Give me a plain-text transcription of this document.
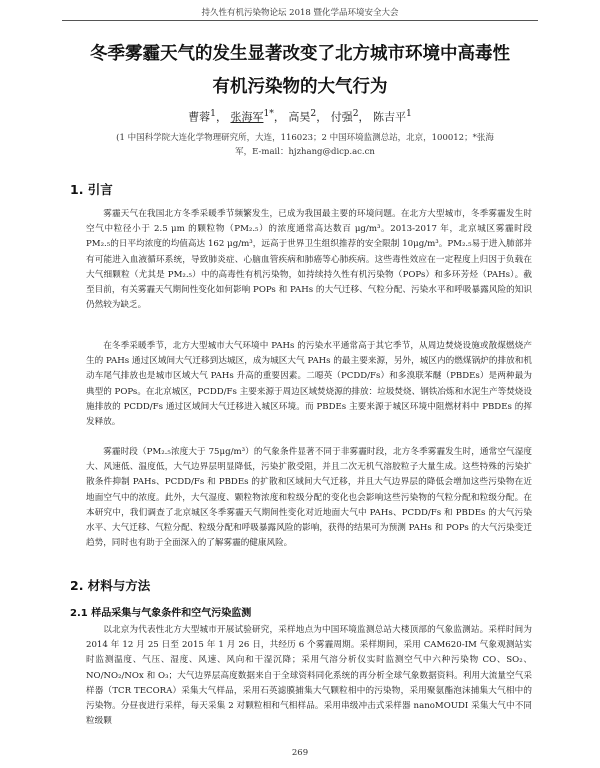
持久性有机污染物论坛 2018 暨化学品环境安全大会
冬季雾霾天气的发生显著改变了北方城市环境中高毒性
有机污染物的大气行为
曹蓉$^1$， 张海军$^{1*}$， 高昊$^2$， 付强$^2$， 陈吉平$^1$
(1 中国科学院大连化学物理研究所，大连，116023；2 中国环境监测总站，北京，100012；*张海
军，E-mail：hjzhang@dicp.ac.cn
1. 引言

雾霾天气在我国北方冬季采暖季节频繁发生，已成为我国最主要的环境问题。在北方大型城市，冬季雾霾发生时空气中粒径小于 2.5 μm 的颗粒物（PM₂.₅）的浓度通常高达数百 μg/m³。2013-2017 年，北京城区雾霾时段 PM₂.₅的日平均浓度的均值高达 162 μg/m³，远高于世界卫生组织推荐的安全限制 10μg/m³。PM₂.₅易于进入肺部并有可能进入血液循环系统，导致肺炎症、心脑血管疾病和肺癌等心肺疾病。这些毒性效应在一定程度上归因于负载在大气细颗粒（尤其是 PM₂.₅）中的高毒性有机污染物，如持续持久性有机污染物（POPs）和多环芳烃（PAHs）。截至目前，有关雾霾天气期间性变化如何影响 POPs 和 PAHs 的大气迁移、气粒分配、污染水平和呼吸暴露风险的知识仍然较为缺乏。

在冬季采暖季节，北方大型城市大气环境中 PAHs 的污染水平通常高于其它季节，从周边焚烧设施或散煤燃烧产生的 PAHs 通过区域间大气迁移到达城区，成为城区大气 PAHs 的最主要来源，另外，城区内的燃煤锅炉的排放和机动车尾气排放也是城市区域大气 PAHs 升高的重要因素。二噁英（PCDD/Fs）和多溴联苯醚（PBDEs）是两种最为典型的 POPs。在北京城区，PCDD/Fs 主要来源于周边区域焚烧源的排放：垃圾焚烧、钢铁冶炼和水泥生产等焚烧设施排放的 PCDD/Fs 通过区域间大气迁移进入城区环境。而 PBDEs 主要来源于城区环境中阻燃材料中 PBDEs 的挥发释放。

雾霾时段（PM₂.₅浓度大于 75μg/m³）的气象条件显著不同于非雾霾时段，北方冬季雾霾发生时，通常空气湿度大、风速低、温度低，大气边界层明显降低，污染扩散受阻，并且二次无机气溶胶粒子大量生成。这些特殊的污染扩散条件抑制 PAHs、PCDD/Fs 和 PBDEs 的扩散和区域间大气迁移，并且大气边界层的降低会增加这些污染物在近地面空气中的浓度。此外，大气湿度、颗粒物浓度和粒级分配的变化也会影响这些污染物的气粒分配和粒级分配。在本研究中，我们调查了北京城区冬季雾霾天气期间性变化对近地面大气中 PAHs、PCDD/Fs 和 PBDEs 的大气污染水平、大气迁移、气粒分配、粒级分配和呼吸暴露风险的影响，获得的结果可为预测 PAHs 和 POPs 的大气污染变迁趋势，同时也有助于全面深入的了解雾霾的健康风险。

2. 材料与方法
2.1 样品采集与气象条件和空气污染监测

以北京为代表性北方大型城市开展试验研究，采样地点为中国环境监测总站大楼顶部的气象监测站。采样时间为 2014 年 12 月 25 日至 2015 年 1 月 26 日，共经历 6 个雾霾周期。采样期间，采用 CAM620-IM 气象观测站实时监测温度、气压、湿度、风速、风向和干湿沉降；采用气溶分析仪实时监测空气中六种污染物 CO、SO₂、NO/NO₂/NOx 和 O₃；大气边界层高度数据来自于全球资料同化系统的再分析全球气象数据资料。利用大流量空气采样器（TCR TECORA）采集大气样品，采用石英滤膜捕集大气颗粒相中的污染物，采用聚氨酯泡沫捕集大气相中的污染物。分昼夜进行采样，每天采集 2 对颗粒相和气相样品。采用串级冲击式采样器 nanoMOUDI 采集大气中不同粒级颗

269
